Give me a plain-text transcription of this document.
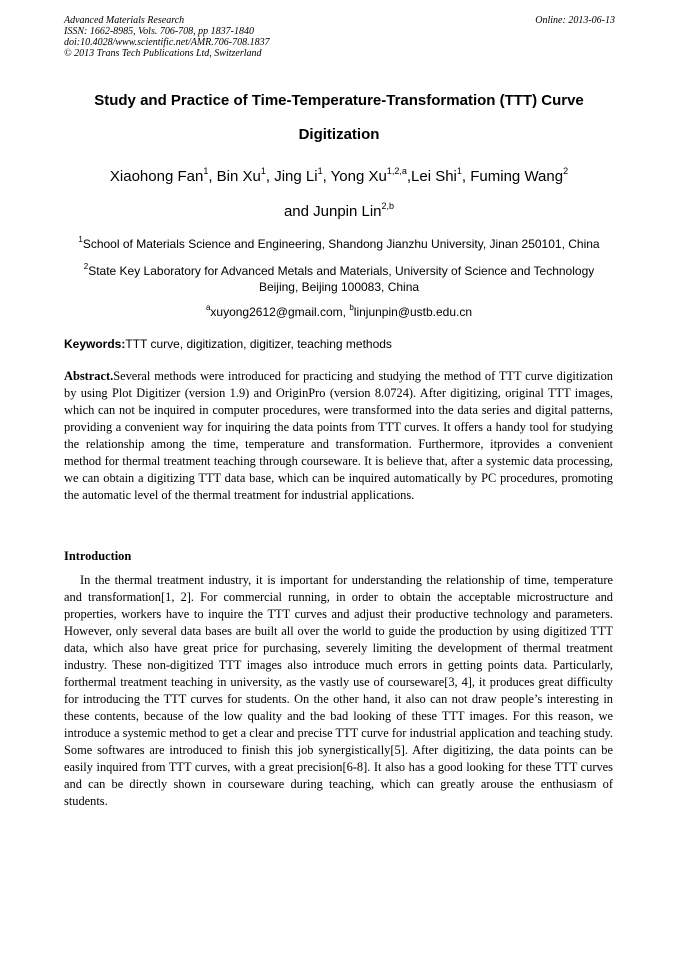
Advanced Materials Research
ISSN: 1662-8985, Vols. 706-708, pp 1837-1840
doi:10.4028/www.scientific.net/AMR.706-708.1837
© 2013 Trans Tech Publications Ltd, Switzerland
Online: 2013-06-13
Study and Practice of Time-Temperature-Transformation (TTT) Curve
Digitization
Xiaohong Fan$^1$, Bin Xu$^1$, Jing Li$^1$, Yong Xu$^{1,2,a}$,Lei Shi$^1$, Fuming Wang$^2$
and Junpin Lin$^{2,b}$
$^1$School of Materials Science and Engineering, Shandong Jianzhu University, Jinan 250101, China
$^2$State Key Laboratory for Advanced Metals and Materials, University of Science and Technology
Beijing, Beijing 100083, China
$^a$xuyong2612@gmail.com, $^b$linjunpin@ustb.edu.cn
Keywords:TTT curve, digitization, digitizer, teaching methods
Abstract.Several methods were introduced for practicing and studying the method of TTT curve digitization by using Plot Digitizer (version 1.9) and OriginPro (version 8.0724). After digitizing, original TTT images, which can not be inquired in computer procedures, were transformed into the data series and digital patterns, providing a convenient way for inquiring the data points from TTT curves. It offers a handy tool for studying the relationship among the time, temperature and transformation. Furthermore, itprovides a convenient method for thermal treatment teaching through courseware. It is believe that, after a systemic data processing, we can obtain a digitizing TTT data base, which can be inquired automatically by PC procedures, promoting the automatic level of the thermal treatment for industrial applications.
Introduction
In the thermal treatment industry, it is important for understanding the relationship of time, temperature and transformation[1, 2]. For commercial running, in order to obtain the acceptable microstructure and properties, workers have to inquire the TTT curves and adjust their productive technology and parameters. However, only several data bases are built all over the world to guide the production by using digitized TTT data, which also have great price for purchasing, severely limiting the development of thermal treatment industry. These non-digitized TTT images also introduce much errors in getting points data. Particularly, forthermal treatment teaching in university, as the vastly use of courseware[3, 4], it produces great difficulty for introducing the TTT curves for students. On the other hand, it also can not draw people’s interesting in these contents, because of the low quality and the bad looking of these TTT images. For this reason, we introduce a systemic method to get a clear and precise TTT curve for industrial application and teaching study. Some softwares are introduced to finish this job synergistically[5]. After digitizing, the data points can be easily inquired from TTT curves, with a great precision[6-8]. It also has a good looking for these TTT curves and can be directly shown in courseware during teaching, which can greatly arouse the enthusiasm of students.
